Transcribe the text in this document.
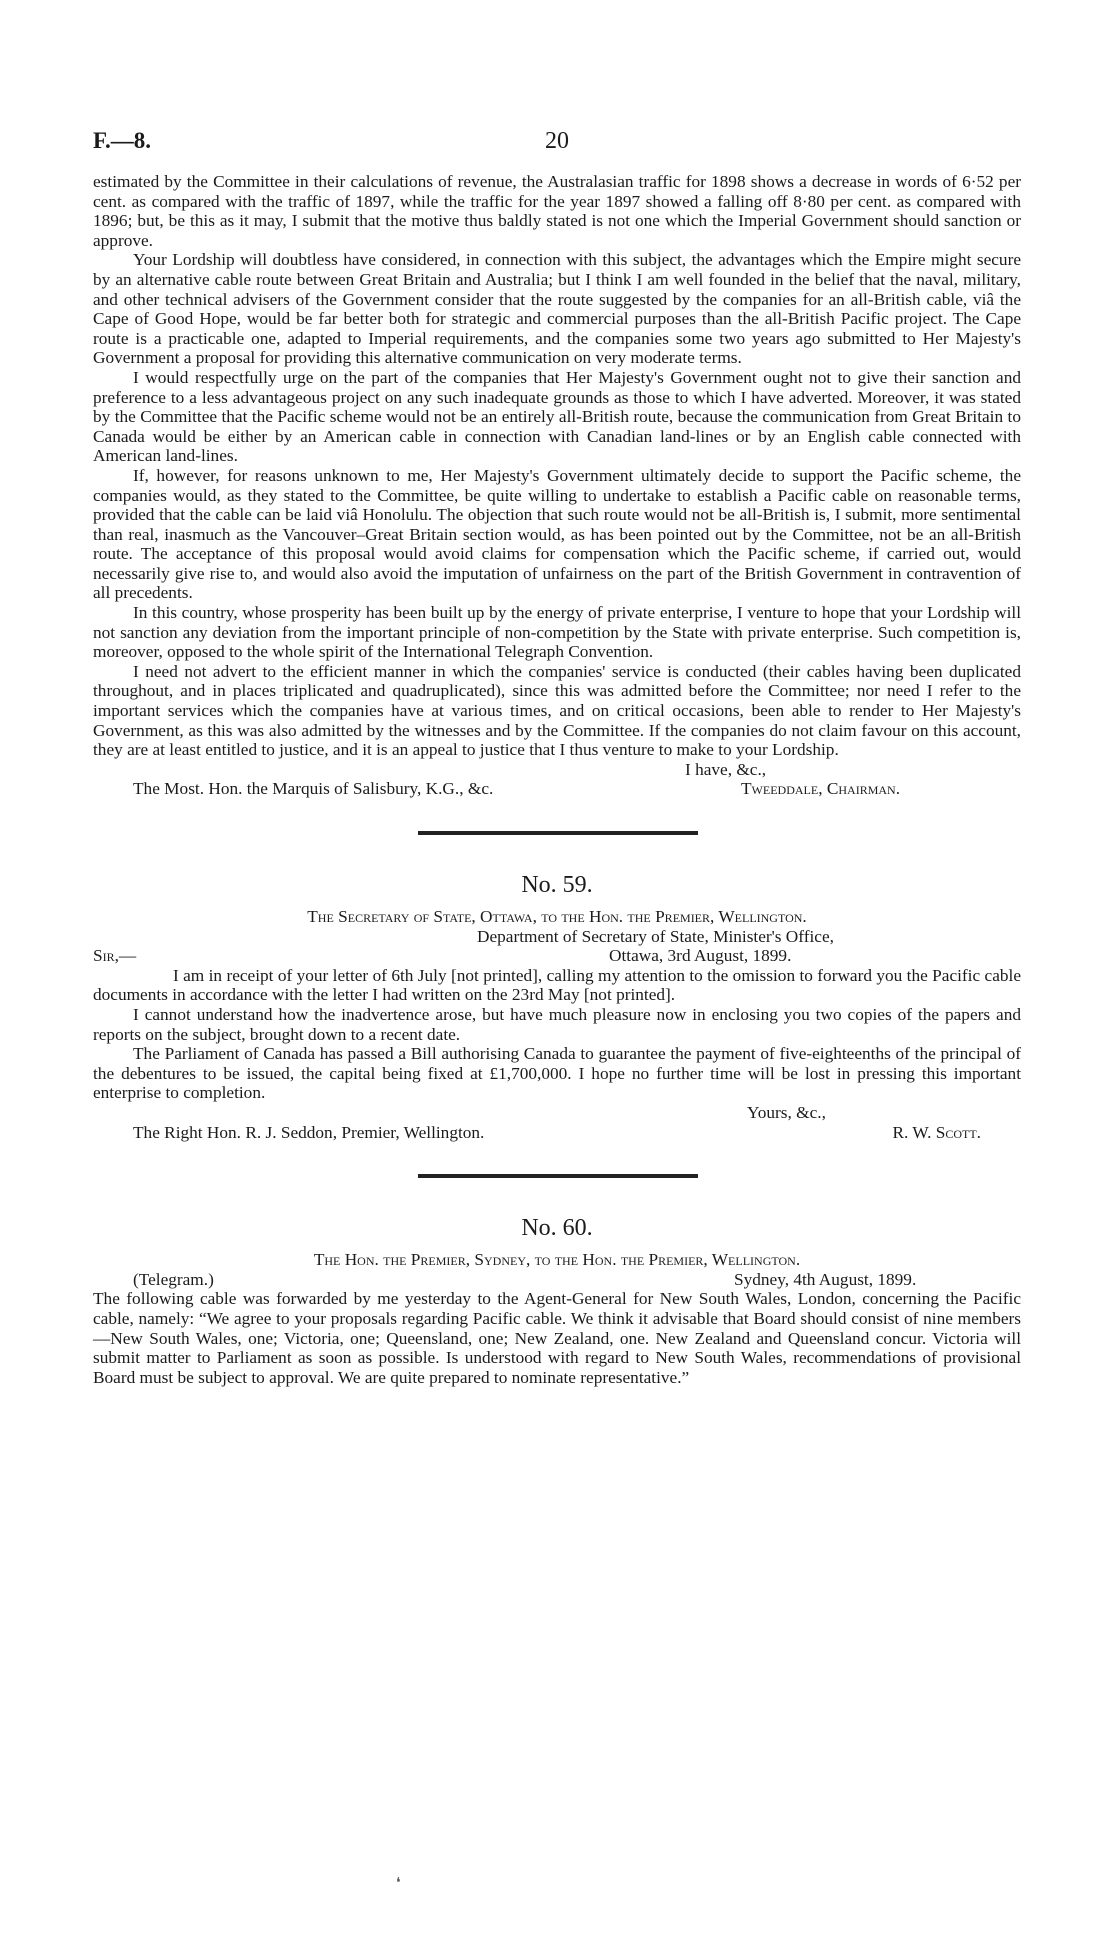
F.—8.	20

estimated by the Committee in their calculations of revenue, the Australasian traffic for 1898 shows a decrease in words of 6·52 per cent. as compared with the traffic of 1897, while the traffic for the year 1897 showed a falling off 8·80 per cent. as compared with 1896; but, be this as it may, I submit that the motive thus baldly stated is not one which the Imperial Government should sanction or approve.

Your Lordship will doubtless have considered, in connection with this subject, the advantages which the Empire might secure by an alternative cable route between Great Britain and Australia; but I think I am well founded in the belief that the naval, military, and other technical advisers of the Government consider that the route suggested by the companies for an all-British cable, viâ the Cape of Good Hope, would be far better both for strategic and commercial purposes than the all-British Pacific project. The Cape route is a practicable one, adapted to Imperial requirements, and the companies some two years ago submitted to Her Majesty's Government a proposal for providing this alternative communication on very moderate terms.

I would respectfully urge on the part of the companies that Her Majesty's Government ought not to give their sanction and preference to a less advantageous project on any such inadequate grounds as those to which I have adverted. Moreover, it was stated by the Committee that the Pacific scheme would not be an entirely all-British route, because the communication from Great Britain to Canada would be either by an American cable in connection with Canadian land-lines or by an English cable connected with American land-lines.

If, however, for reasons unknown to me, Her Majesty's Government ultimately decide to support the Pacific scheme, the companies would, as they stated to the Committee, be quite willing to undertake to establish a Pacific cable on reasonable terms, provided that the cable can be laid viâ Honolulu. The objection that such route would not be all-British is, I submit, more sentimental than real, inasmuch as the Vancouver–Great Britain section would, as has been pointed out by the Committee, not be an all-British route. The acceptance of this proposal would avoid claims for compensation which the Pacific scheme, if carried out, would necessarily give rise to, and would also avoid the imputation of unfairness on the part of the British Government in contravention of all precedents.

In this country, whose prosperity has been built up by the energy of private enterprise, I venture to hope that your Lordship will not sanction any deviation from the important principle of non-competition by the State with private enterprise. Such competition is, moreover, opposed to the whole spirit of the International Telegraph Convention.

I need not advert to the efficient manner in which the companies' service is conducted (their cables having been duplicated throughout, and in places triplicated and quadruplicated), since this was admitted before the Committee; nor need I refer to the important services which the companies have at various times, and on critical occasions, been able to render to Her Majesty's Government, as this was also admitted by the witnesses and by the Committee. If the companies do not claim favour on this account, they are at least entitled to justice, and it is an appeal to justice that I thus venture to make to your Lordship.

I have, &c.,
The Most. Hon. the Marquis of Salisbury, K.G., &c.	Tweeddale, Chairman.
No. 59.
The Secretary of State, Ottawa, to the Hon. the Premier, Wellington.
Department of Secretary of State, Minister's Office,
Sir,—	Ottawa, 3rd August, 1899.

I am in receipt of your letter of 6th July [not printed], calling my attention to the omission to forward you the Pacific cable documents in accordance with the letter I had written on the 23rd May [not printed].

I cannot understand how the inadvertence arose, but have much pleasure now in enclosing you two copies of the papers and reports on the subject, brought down to a recent date.

The Parliament of Canada has passed a Bill authorising Canada to guarantee the payment of five-eighteenths of the principal of the debentures to be issued, the capital being fixed at £1,700,000. I hope no further time will be lost in pressing this important enterprise to completion.

Yours, &c.,
The Right Hon. R. J. Seddon, Premier, Wellington.	R. W. Scott.
No. 60.
The Hon. the Premier, Sydney, to the Hon. the Premier, Wellington.
(Telegram.)	Sydney, 4th August, 1899.

The following cable was forwarded by me yesterday to the Agent-General for New South Wales, London, concerning the Pacific cable, namely: “We agree to your proposals regarding Pacific cable. We think it advisable that Board should consist of nine members—New South Wales, one; Victoria, one; Queensland, one; New Zealand, one. New Zealand and Queensland concur. Victoria will submit matter to Parliament as soon as possible. Is understood with regard to New South Wales, recommendations of provisional Board must be subject to approval. We are quite prepared to nominate representative.”

❛
